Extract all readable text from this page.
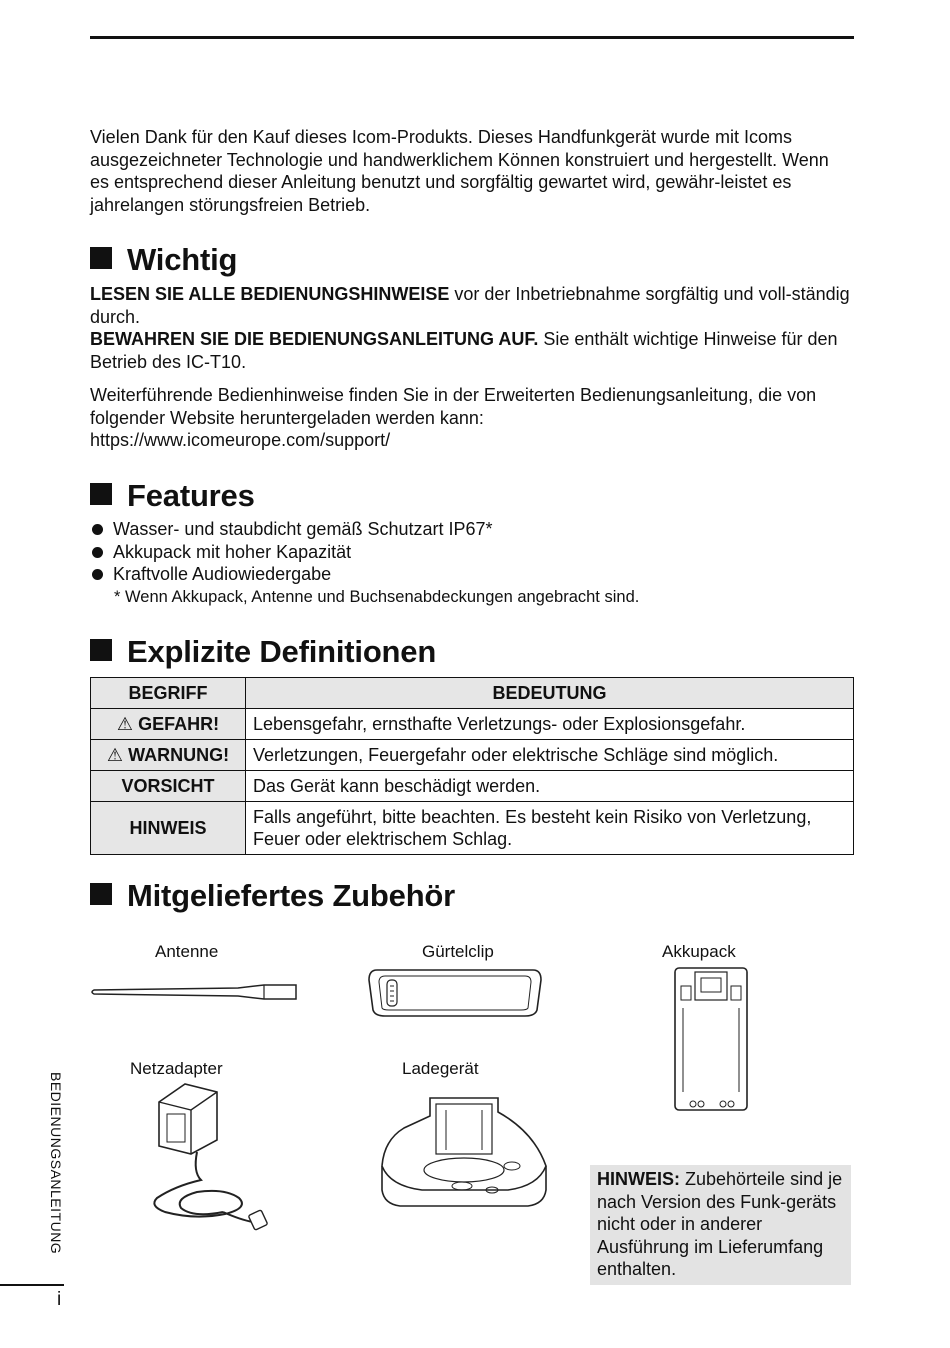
Vielen Dank für den Kauf dieses Icom-Produkts. Dieses Handfunkgerät wurde mit Icoms ausgezeichneter Technologie und handwerklichem Können konstruiert und hergestellt. Wenn es entsprechend dieser Anleitung benutzt und sorgfältig gewartet wird, gewähr-leistet es jahrelangen störungsfreien Betrieb.

Wichtig

LESEN SIE ALLE BEDIENUNGSHINWEISE vor der Inbetriebnahme sorgfältig und voll-ständig durch.

BEWAHREN SIE DIE BEDIENUNGSANLEITUNG AUF. Sie enthält wichtige Hinweise für den Betrieb des IC-T10.

Weiterführende Bedienhinweise finden Sie in der Erweiterten Bedienungsanleitung, die von folgender Website heruntergeladen werden kann:
https://www.icomeurope.com/support/

Features
Wasser- und staubdicht gemäß Schutzart IP67*
Akkupack mit hoher Kapazität
Kraftvolle Audiowiedergabe
* Wenn Akkupack, Antenne und Buchsenabdeckungen angebracht sind.
Explizite Definitionen
BEGRIFF	BEDEUTUNG
⚠ GEFAHR!	Lebensgefahr, ernsthafte Verletzungs- oder Explosionsgefahr.
⚠ WARNUNG!	Verletzungen, Feuergefahr oder elektrische Schläge sind möglich.
VORSICHT	Das Gerät kann beschädigt werden.
HINWEIS	Falls angeführt, bitte beachten. Es besteht kein Risiko von Verletzung, Feuer oder elektrischem Schlag.
Mitgeliefertes Zubehör
Antenne	Gürtelclip	Akkupack
Netzadapter	Ladegerät
HINWEIS: Zubehörteile sind je nach Version des Funk-geräts nicht oder in anderer Ausführung im Lieferumfang enthalten.
BEDIENUNGSANLEITUNG
i
